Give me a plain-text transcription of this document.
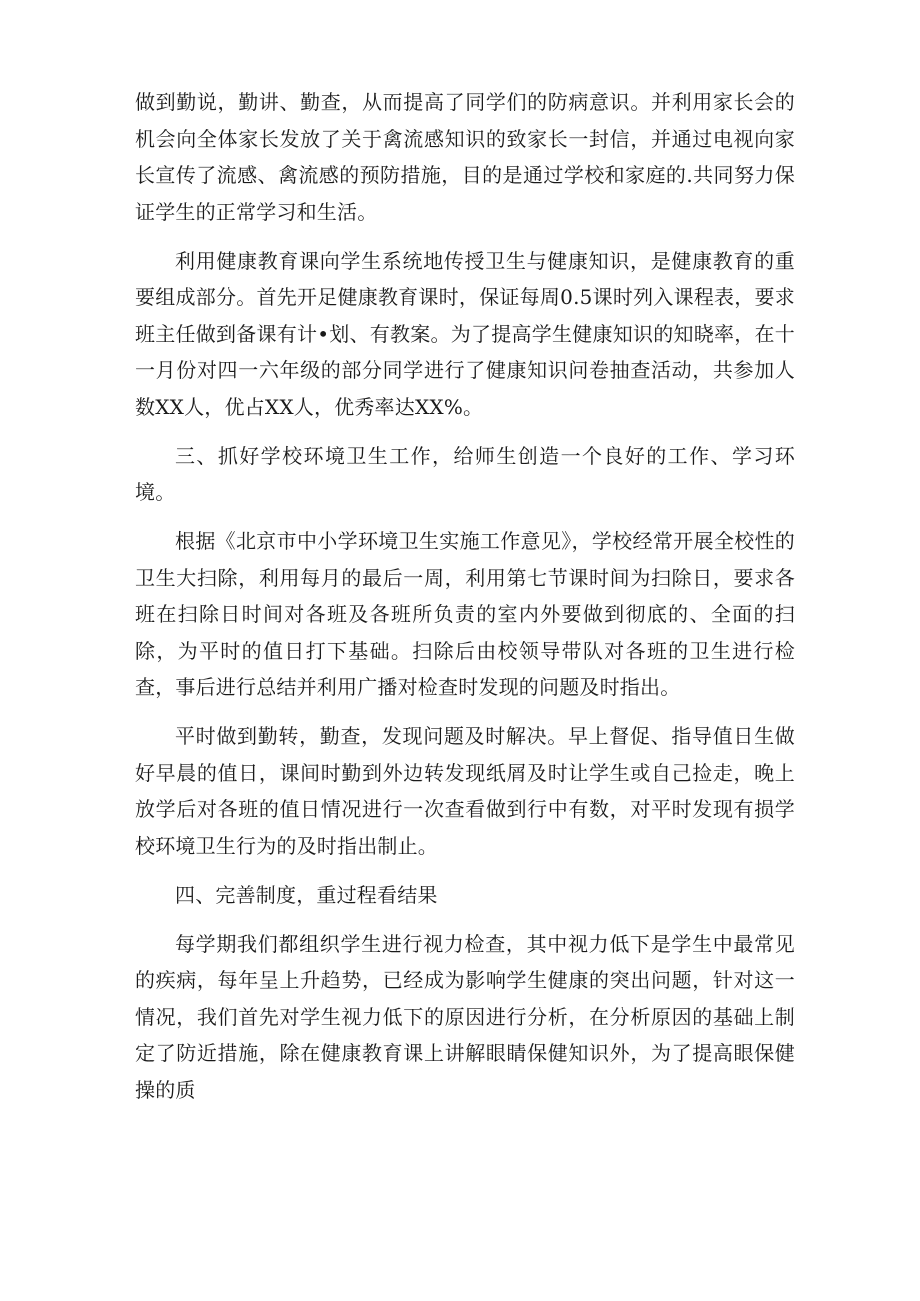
做到勤说，勤讲、勤查，从而提高了同学们的防病意识。并利用家长会的机会向全体家长发放了关于禽流感知识的致家长一封信，并通过电视向家长宣传了流感、禽流感的预防措施，目的是通过学校和家庭的.共同努力保证学生的正常学习和生活。

利用健康教育课向学生系统地传授卫生与健康知识，是健康教育的重要组成部分。首先开足健康教育课时，保证每周0.5课时列入课程表，要求班主任做到备课有计•划、有教案。为了提高学生健康知识的知晓率，在十一月份对四一六年级的部分同学进行了健康知识问卷抽查活动，共参加人数XX人，优占XX人，优秀率达XX%。

三、抓好学校环境卫生工作，给师生创造一个良好的工作、学习环境。

根据《北京市中小学环境卫生实施工作意见》，学校经常开展全校性的卫生大扫除，利用每月的最后一周，利用第七节课时间为扫除日，要求各班在扫除日时间对各班及各班所负责的室内外要做到彻底的、全面的扫除，为平时的值日打下基础。扫除后由校领导带队对各班的卫生进行检查，事后进行总结并利用广播对检查时发现的问题及时指出。

平时做到勤转，勤查，发现问题及时解决。早上督促、指导值日生做好早晨的值日，课间时勤到外边转发现纸屑及时让学生或自己捡走，晚上放学后对各班的值日情况进行一次查看做到行中有数，对平时发现有损学校环境卫生行为的及时指出制止。

四、完善制度，重过程看结果

每学期我们都组织学生进行视力检查，其中视力低下是学生中最常见的疾病，每年呈上升趋势，已经成为影响学生健康的突出问题，针对这一情况，我们首先对学生视力低下的原因进行分析，在分析原因的基础上制定了防近措施，除在健康教育课上讲解眼睛保健知识外，为了提高眼保健操的质
